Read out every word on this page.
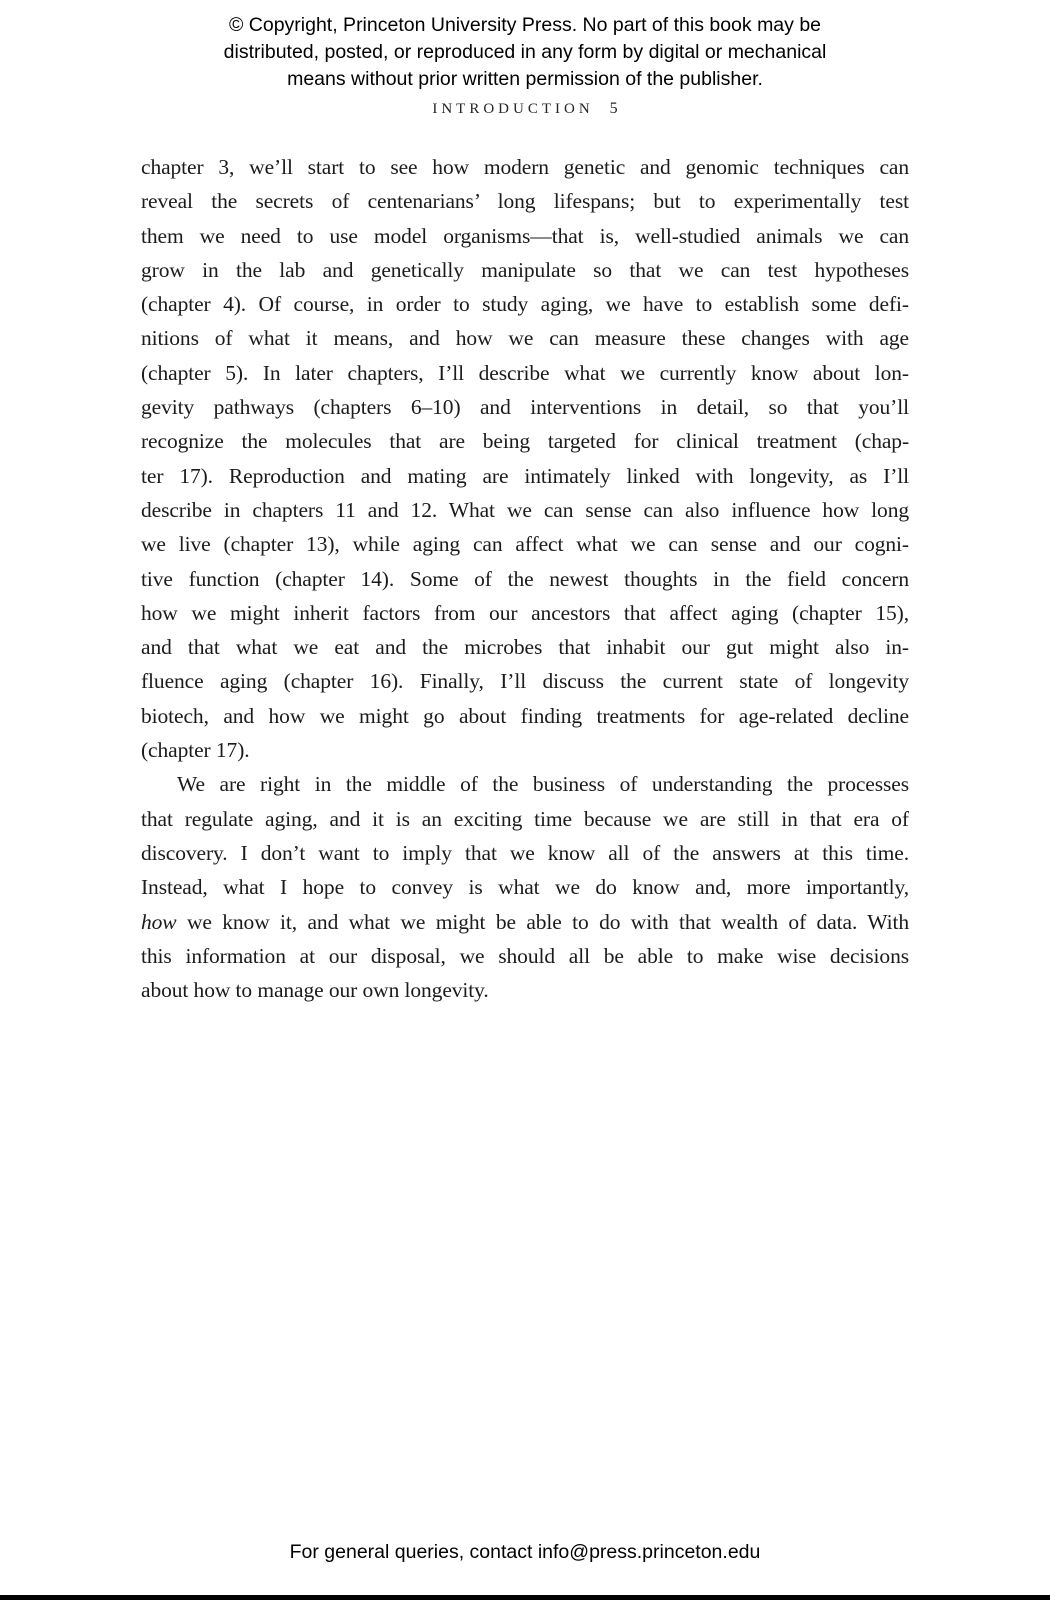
© Copyright, Princeton University Press. No part of this book may be
distributed, posted, or reproduced in any form by digital or mechanical
means without prior written permission of the publisher.
INTRODUCTION 5
chapter 3, we’ll start to see how modern genetic and genomic techniques can
reveal the secrets of centenarians’ long lifespans; but to experimentally test
them we need to use model organisms—that is, well-studied animals we can
grow in the lab and genetically manipulate so that we can test hypotheses
(chapter 4). Of course, in order to study aging, we have to establish some defi-
nitions of what it means, and how we can measure these changes with age
(chapter 5). In later chapters, I’ll describe what we currently know about lon-
gevity pathways (chapters 6–10) and interventions in detail, so that you’ll
recognize the molecules that are being targeted for clinical treatment (chap-
ter 17). Reproduction and mating are intimately linked with longevity, as I’ll
describe in chapters 11 and 12. What we can sense can also influence how long
we live (chapter 13), while aging can affect what we can sense and our cogni-
tive function (chapter 14). Some of the newest thoughts in the field concern
how we might inherit factors from our ancestors that affect aging (chapter 15),
and that what we eat and the microbes that inhabit our gut might also in-
fluence aging (chapter 16). Finally, I’ll discuss the current state of longevity
biotech, and how we might go about finding treatments for age-related decline
(chapter 17).
We are right in the middle of the business of understanding the processes
that regulate aging, and it is an exciting time because we are still in that era of
discovery. I don’t want to imply that we know all of the answers at this time.
Instead, what I hope to convey is what we do know and, more importantly,
how we know it, and what we might be able to do with that wealth of data. With
this information at our disposal, we should all be able to make wise decisions
about how to manage our own longevity.
For general queries, contact info@press.princeton.edu
